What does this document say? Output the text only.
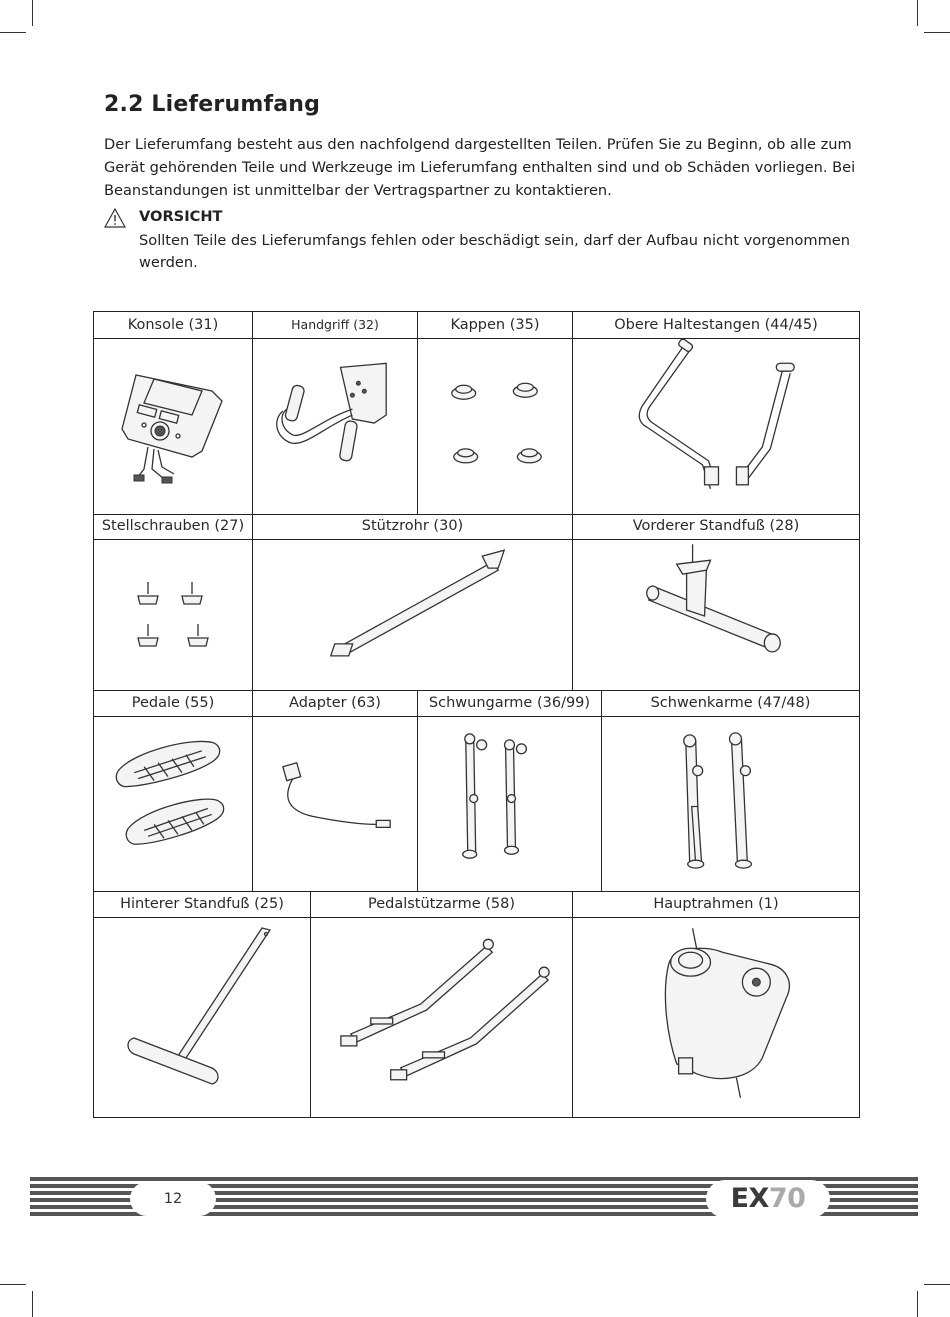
2.2 Lieferumfang

Der Lieferumfang besteht aus den nachfolgend dargestellten Teilen. Prüfen Sie zu Beginn, ob alle zum Gerät gehörenden Teile und Werkzeuge im Lieferumfang enthalten sind und ob Schäden vorliegen. Bei Beanstandungen ist unmittelbar der Vertragspartner zu kontaktieren.

VORSICHT

Sollten Teile des Lieferumfangs fehlen oder beschädigt sein, darf der Aufbau nicht vorgenommen werden.

Konsole (31)	Handgriff (32)	Kappen (35)	Obere Haltestangen (44/45)
Stellschrauben (27)	Stützrohr (30)	Vorderer Standfuß (28)
Pedale (55)	Adapter (63)	Schwungarme (36/99)	Schwenkarme (47/48)
Hinterer Standfuß (25)	Pedalstützarme (58)	Hauptrahmen (1)
12	EX70
